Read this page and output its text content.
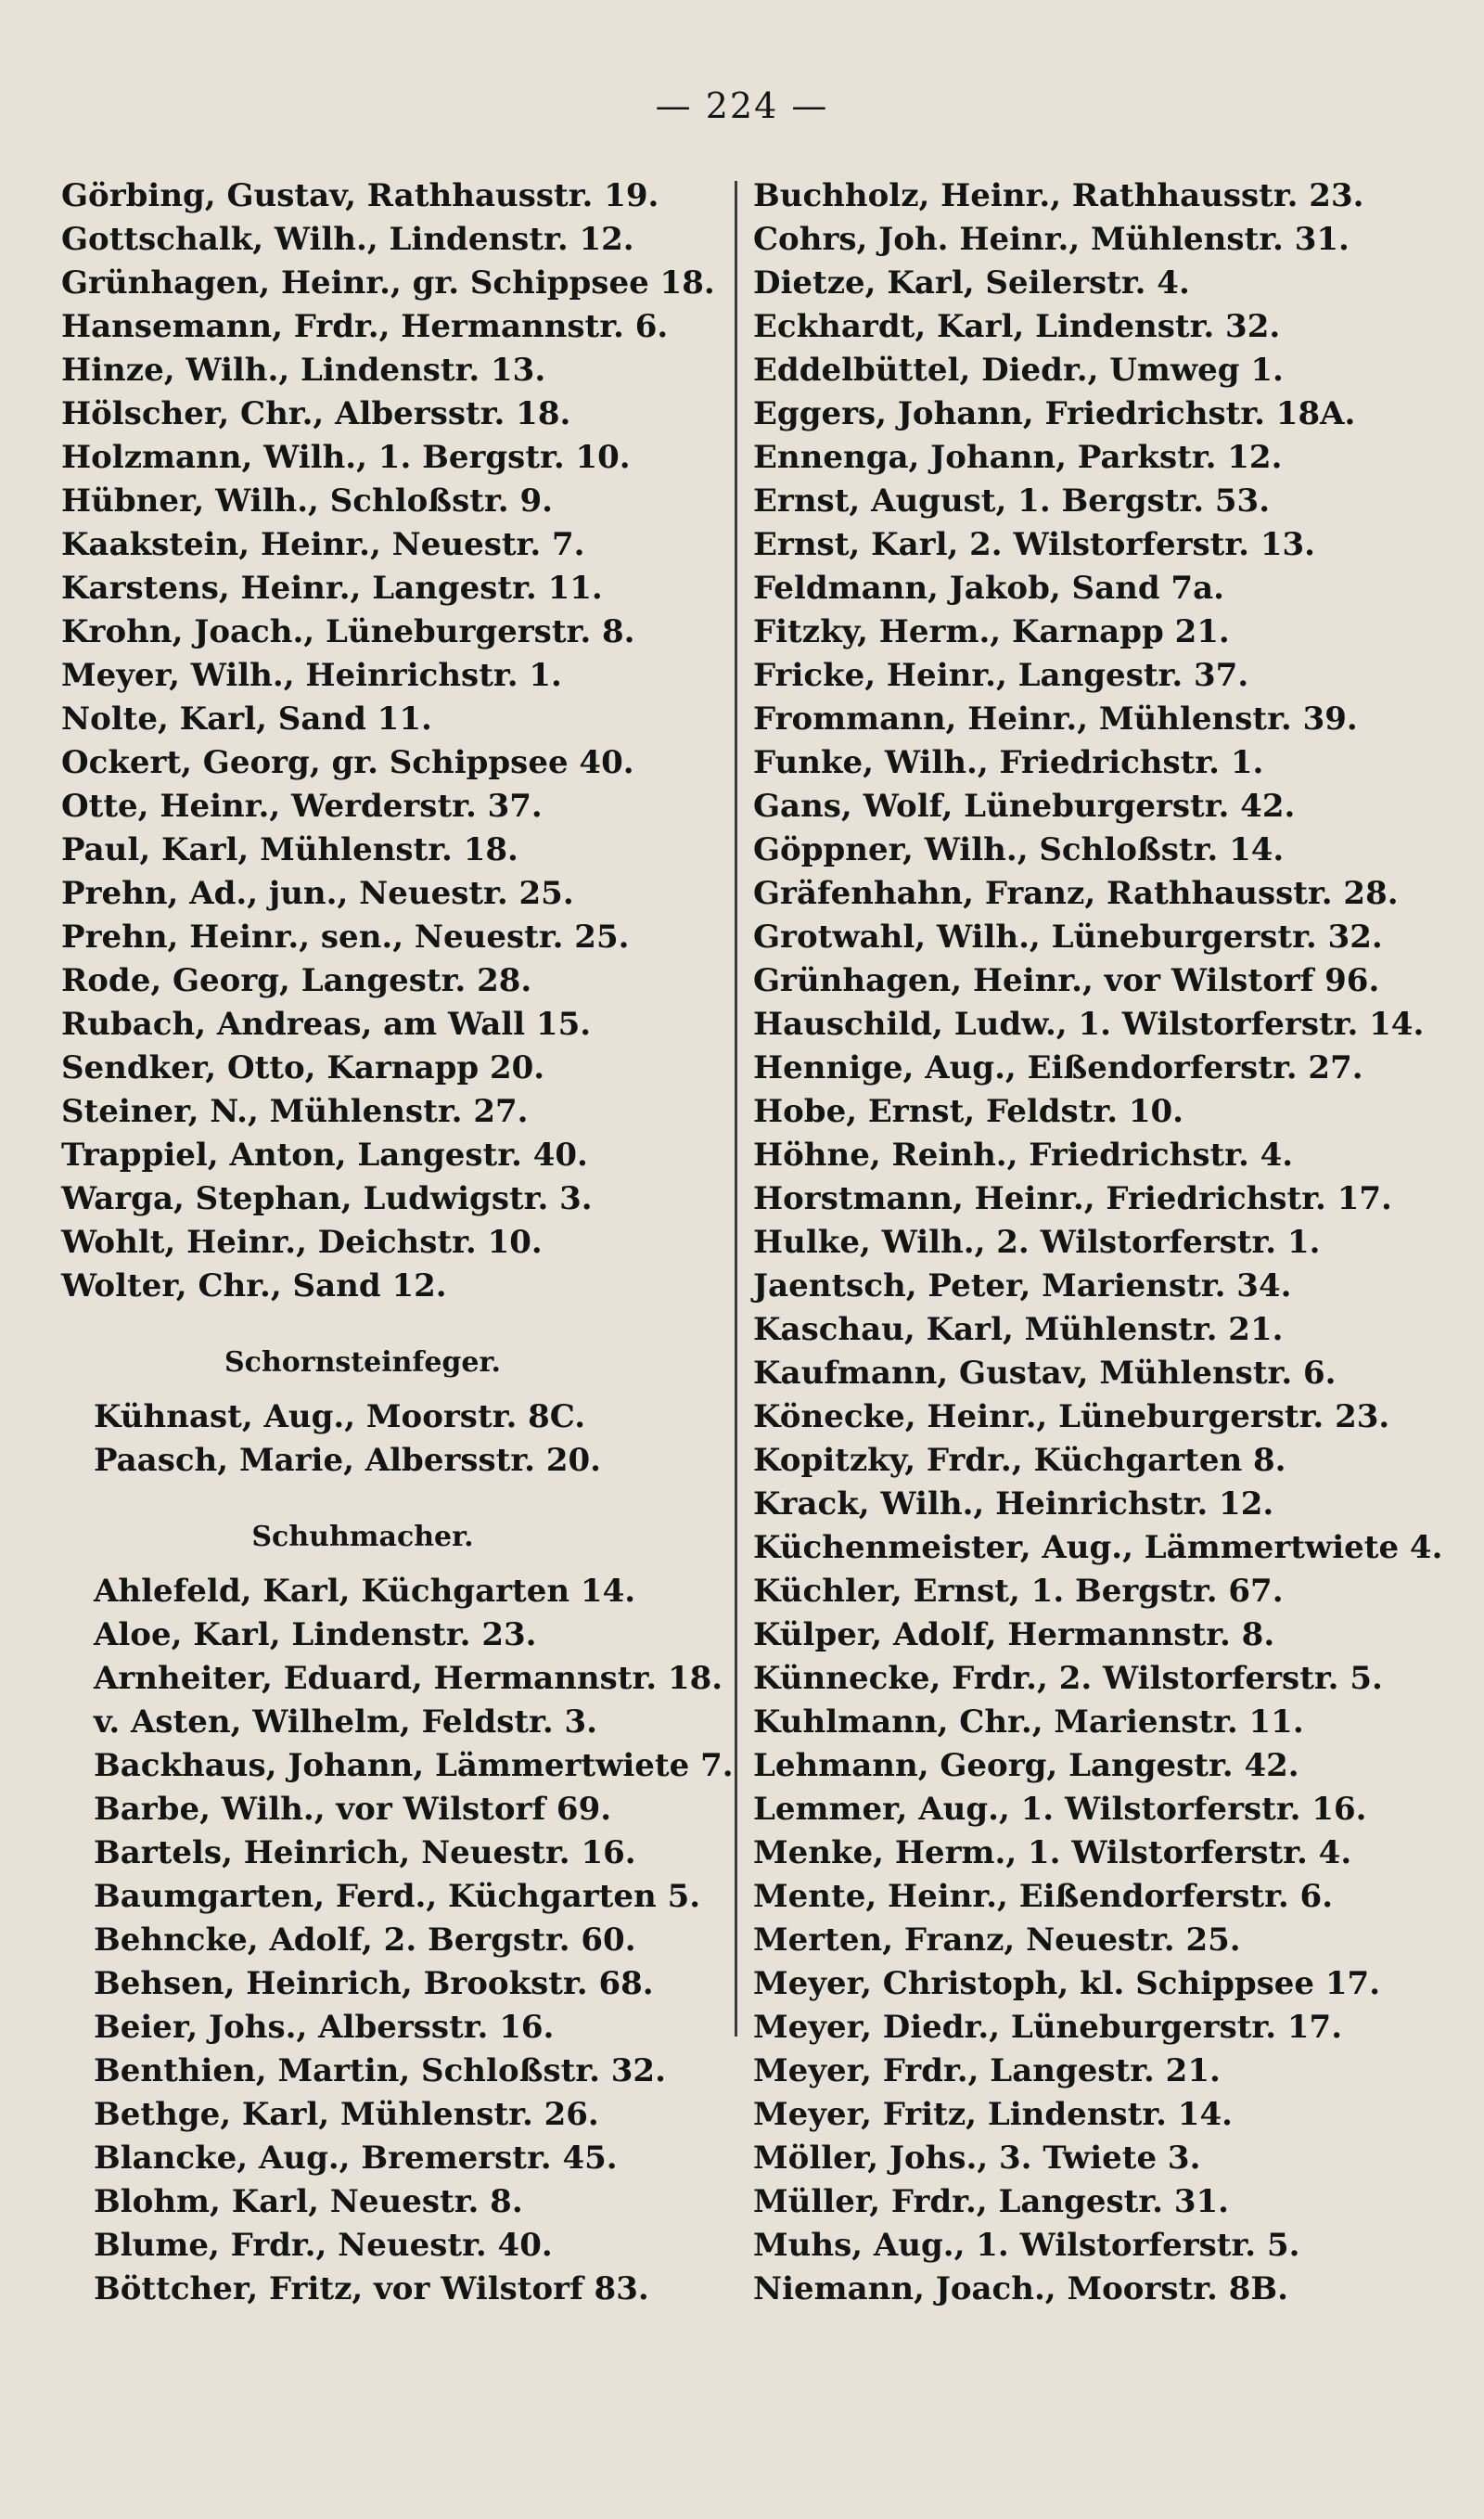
— 224 —
Görbing, Gustav, Rathhausstr. 19.
Gottschalk, Wilh., Lindenstr. 12.
Grünhagen, Heinr., gr. Schippsee 18.
Hansemann, Frdr., Hermannstr. 6.
Hinze, Wilh., Lindenstr. 13.
Hölscher, Chr., Albersstr. 18.
Holzmann, Wilh., 1. Bergstr. 10.
Hübner, Wilh., Schloßstr. 9.
Kaakstein, Heinr., Neuestr. 7.
Karstens, Heinr., Langestr. 11.
Krohn, Joach., Lüneburgerstr. 8.
Meyer, Wilh., Heinrichstr. 1.
Nolte, Karl, Sand 11.
Ockert, Georg, gr. Schippsee 40.
Otte, Heinr., Werderstr. 37.
Paul, Karl, Mühlenstr. 18.
Prehn, Ad., jun., Neuestr. 25.
Prehn, Heinr., sen., Neuestr. 25.
Rode, Georg, Langestr. 28.
Rubach, Andreas, am Wall 15.
Sendker, Otto, Karnapp 20.
Steiner, N., Mühlenstr. 27.
Trappiel, Anton, Langestr. 40.
Warga, Stephan, Ludwigstr. 3.
Wohlt, Heinr., Deichstr. 10.
Wolter, Chr., Sand 12.
Schornsteinfeger.
Kühnast, Aug., Moorstr. 8C.
Paasch, Marie, Albersstr. 20.
Schuhmacher.
Ahlefeld, Karl, Küchgarten 14.
Aloe, Karl, Lindenstr. 23.
Arnheiter, Eduard, Hermannstr. 18.
v. Asten, Wilhelm, Feldstr. 3.
Backhaus, Johann, Lämmertwiete 7.
Barbe, Wilh., vor Wilstorf 69.
Bartels, Heinrich, Neuestr. 16.
Baumgarten, Ferd., Küchgarten 5.
Behncke, Adolf, 2. Bergstr. 60.
Behsen, Heinrich, Brookstr. 68.
Beier, Johs., Albersstr. 16.
Benthien, Martin, Schloßstr. 32.
Bethge, Karl, Mühlenstr. 26.
Blancke, Aug., Bremerstr. 45.
Blohm, Karl, Neuestr. 8.
Blume, Frdr., Neuestr. 40.
Böttcher, Fritz, vor Wilstorf 83.
Buchholz, Heinr., Rathhausstr. 23.
Cohrs, Joh. Heinr., Mühlenstr. 31.
Dietze, Karl, Seilerstr. 4.
Eckhardt, Karl, Lindenstr. 32.
Eddelbüttel, Diedr., Umweg 1.
Eggers, Johann, Friedrichstr. 18A.
Ennenga, Johann, Parkstr. 12.
Ernst, August, 1. Bergstr. 53.
Ernst, Karl, 2. Wilstorferstr. 13.
Feldmann, Jakob, Sand 7a.
Fitzky, Herm., Karnapp 21.
Fricke, Heinr., Langestr. 37.
Frommann, Heinr., Mühlenstr. 39.
Funke, Wilh., Friedrichstr. 1.
Gans, Wolf, Lüneburgerstr. 42.
Göppner, Wilh., Schloßstr. 14.
Gräfenhahn, Franz, Rathhausstr. 28.
Grotwahl, Wilh., Lüneburgerstr. 32.
Grünhagen, Heinr., vor Wilstorf 96.
Hauschild, Ludw., 1. Wilstorferstr. 14.
Hennige, Aug., Eißendorferstr. 27.
Hobe, Ernst, Feldstr. 10.
Höhne, Reinh., Friedrichstr. 4.
Horstmann, Heinr., Friedrichstr. 17.
Hulke, Wilh., 2. Wilstorferstr. 1.
Jaentsch, Peter, Marienstr. 34.
Kaschau, Karl, Mühlenstr. 21.
Kaufmann, Gustav, Mühlenstr. 6.
Könecke, Heinr., Lüneburgerstr. 23.
Kopitzky, Frdr., Küchgarten 8.
Krack, Wilh., Heinrichstr. 12.
Küchenmeister, Aug., Lämmertwiete 4.
Küchler, Ernst, 1. Bergstr. 67.
Külper, Adolf, Hermannstr. 8.
Künnecke, Frdr., 2. Wilstorferstr. 5.
Kuhlmann, Chr., Marienstr. 11.
Lehmann, Georg, Langestr. 42.
Lemmer, Aug., 1. Wilstorferstr. 16.
Menke, Herm., 1. Wilstorferstr. 4.
Mente, Heinr., Eißendorferstr. 6.
Merten, Franz, Neuestr. 25.
Meyer, Christoph, kl. Schippsee 17.
Meyer, Diedr., Lüneburgerstr. 17.
Meyer, Frdr., Langestr. 21.
Meyer, Fritz, Lindenstr. 14.
Möller, Johs., 3. Twiete 3.
Müller, Frdr., Langestr. 31.
Muhs, Aug., 1. Wilstorferstr. 5.
Niemann, Joach., Moorstr. 8B.
